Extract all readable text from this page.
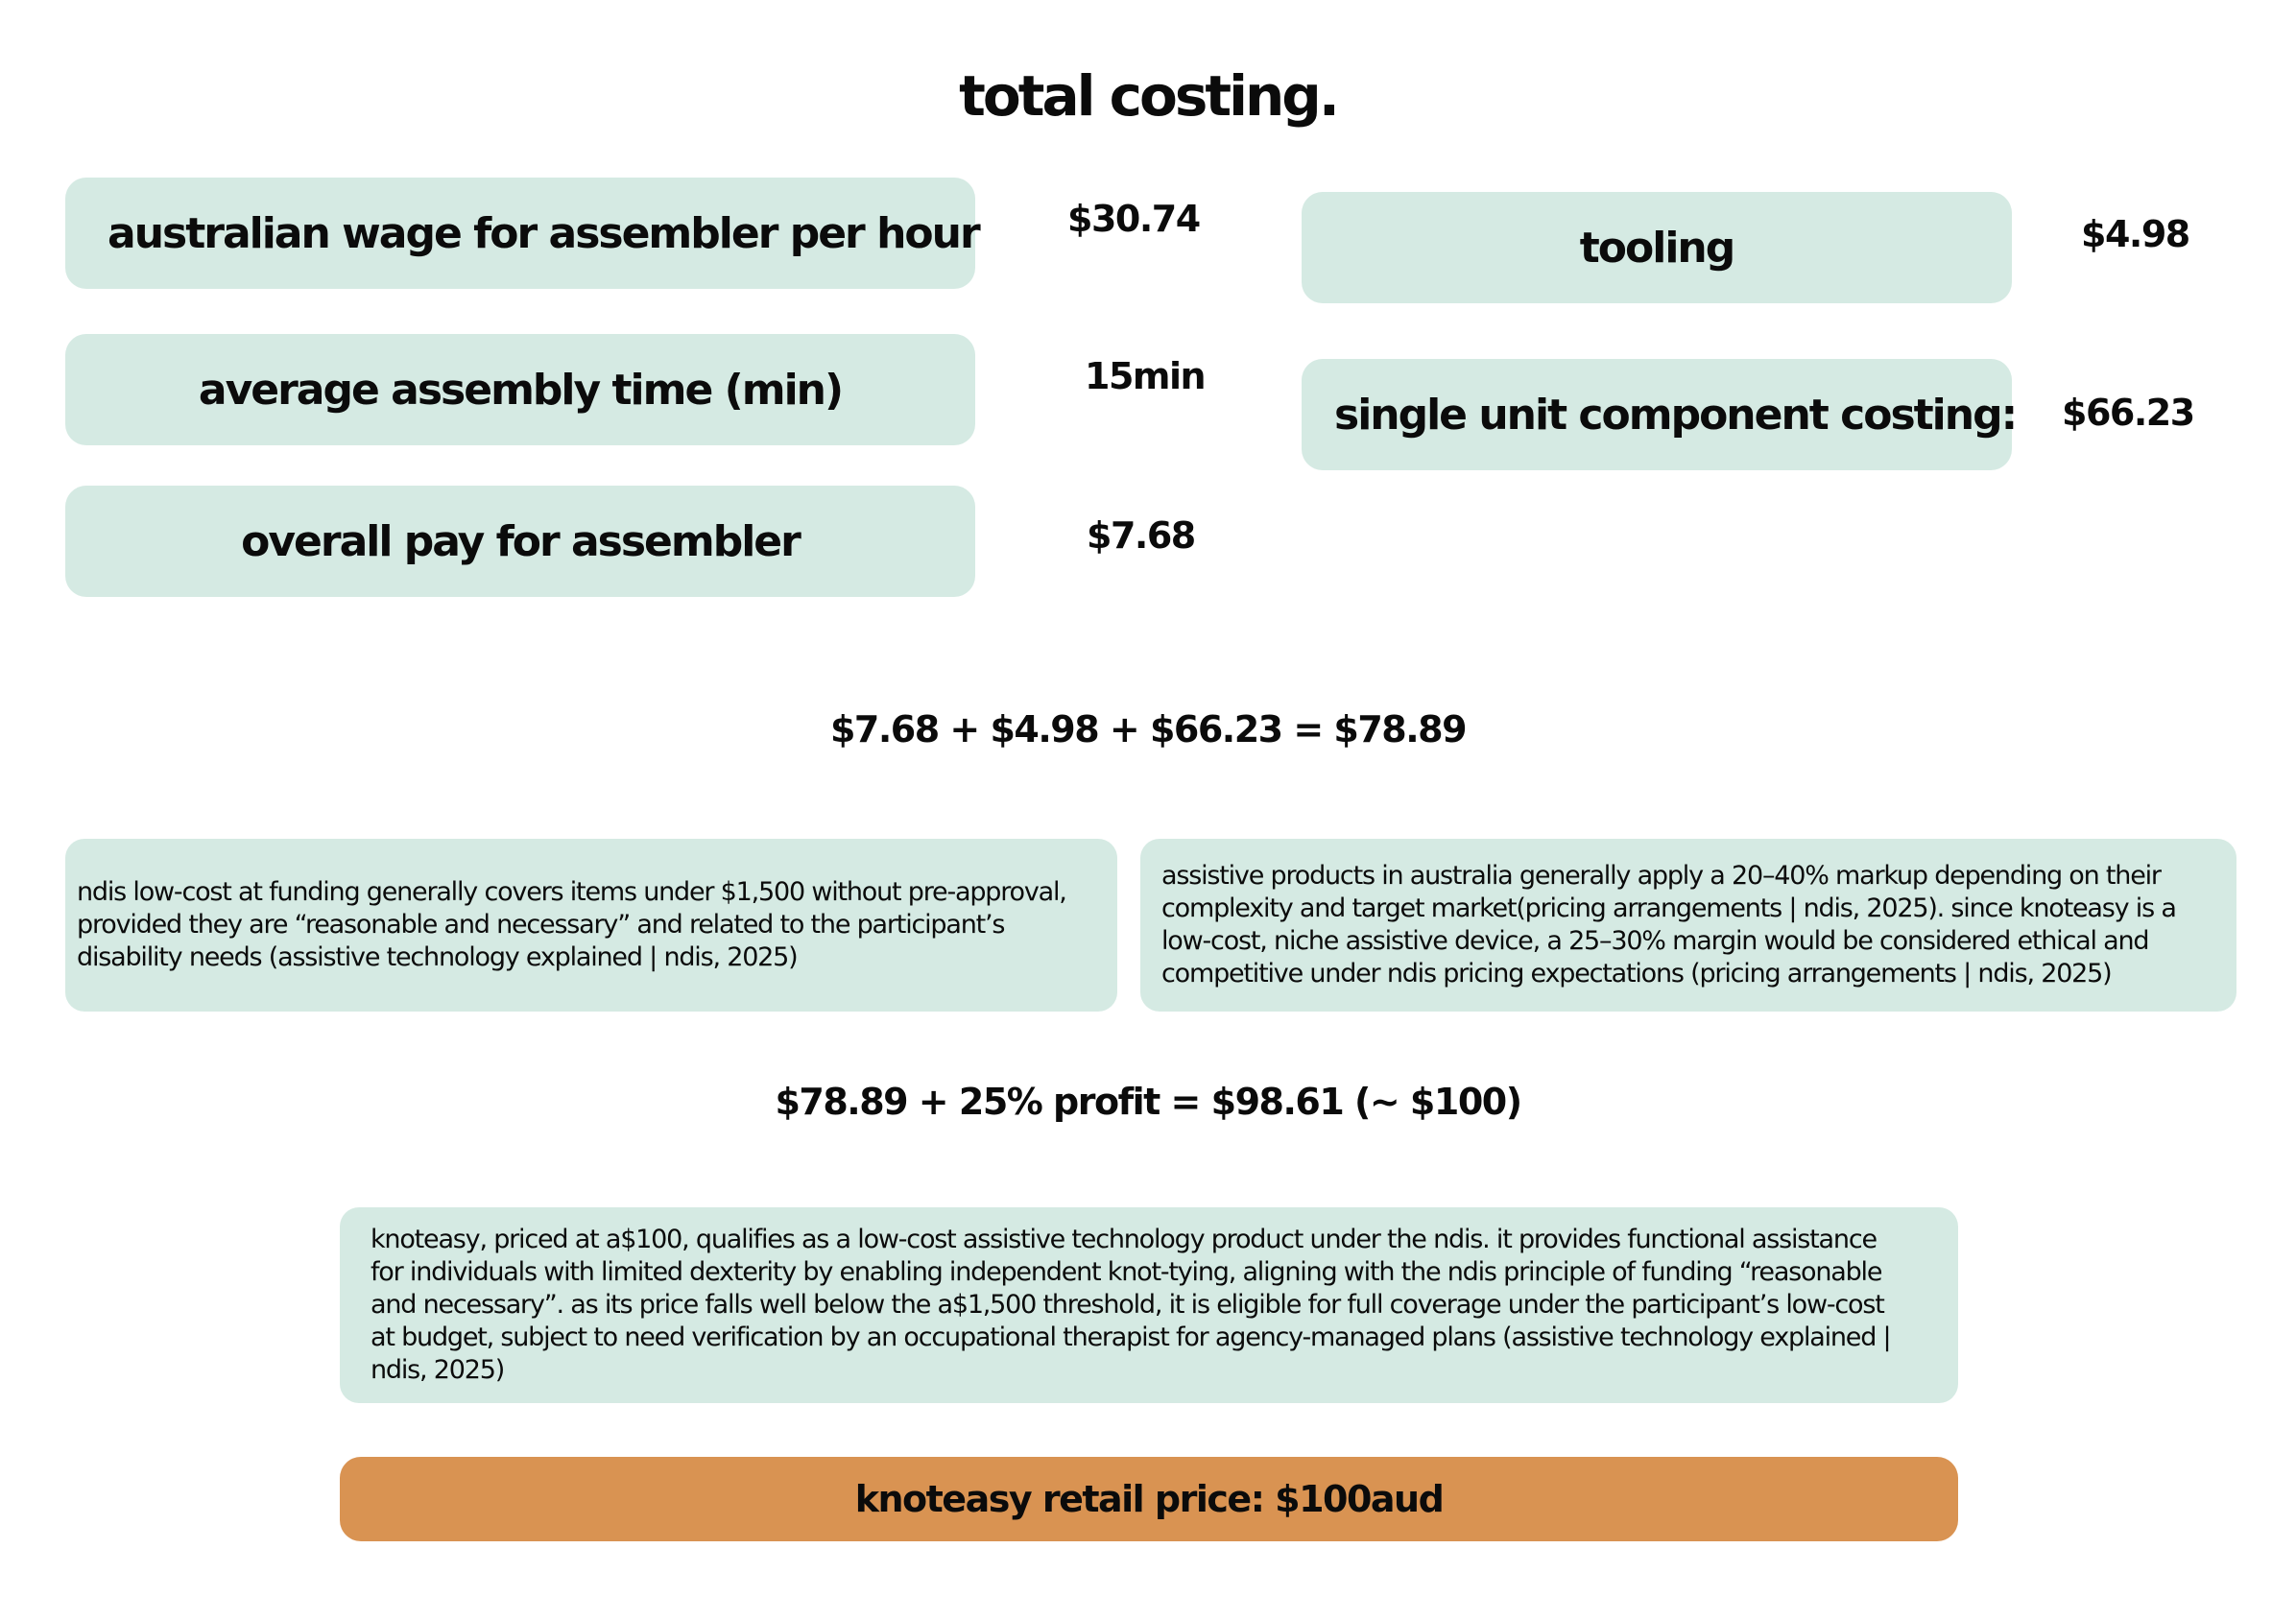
total costing.
australian wage for assembler per hour $30.74
average assembly time (min)	15min
overall pay for assembler	$7.68
tooling	$4.98
single unit component costing: $66.23
$7.68 + $4.98 + $66.23 = $78.89
ndis low-cost at funding generally covers items under $1,500 without pre-approval, provided they are “reasonable and necessary” and related to the participant’s disability needs (assistive technology explained | ndis, 2025)
assistive products in australia generally apply a 20–40% markup depending on their complexity and target market(pricing arrangements | ndis, 2025). since knoteasy is a low-cost, niche assistive device, a 25–30% margin would be considered ethical and competitive under ndis pricing expectations (pricing arrangements | ndis, 2025)
$78.89 + 25% profit = $98.61 (~ $100)
knoteasy, priced at a$100, qualifies as a low-cost assistive technology product under the ndis. it provides functional assistance for individuals with limited dexterity by enabling independent knot-tying, aligning with the ndis principle of funding “reasonable and necessary”. as its price falls well below the a$1,500 threshold, it is eligible for full coverage under the participant’s low-cost at budget, subject to need verification by an occupational therapist for agency-managed plans (assistive technology explained | ndis, 2025)
knoteasy retail price: $100aud
